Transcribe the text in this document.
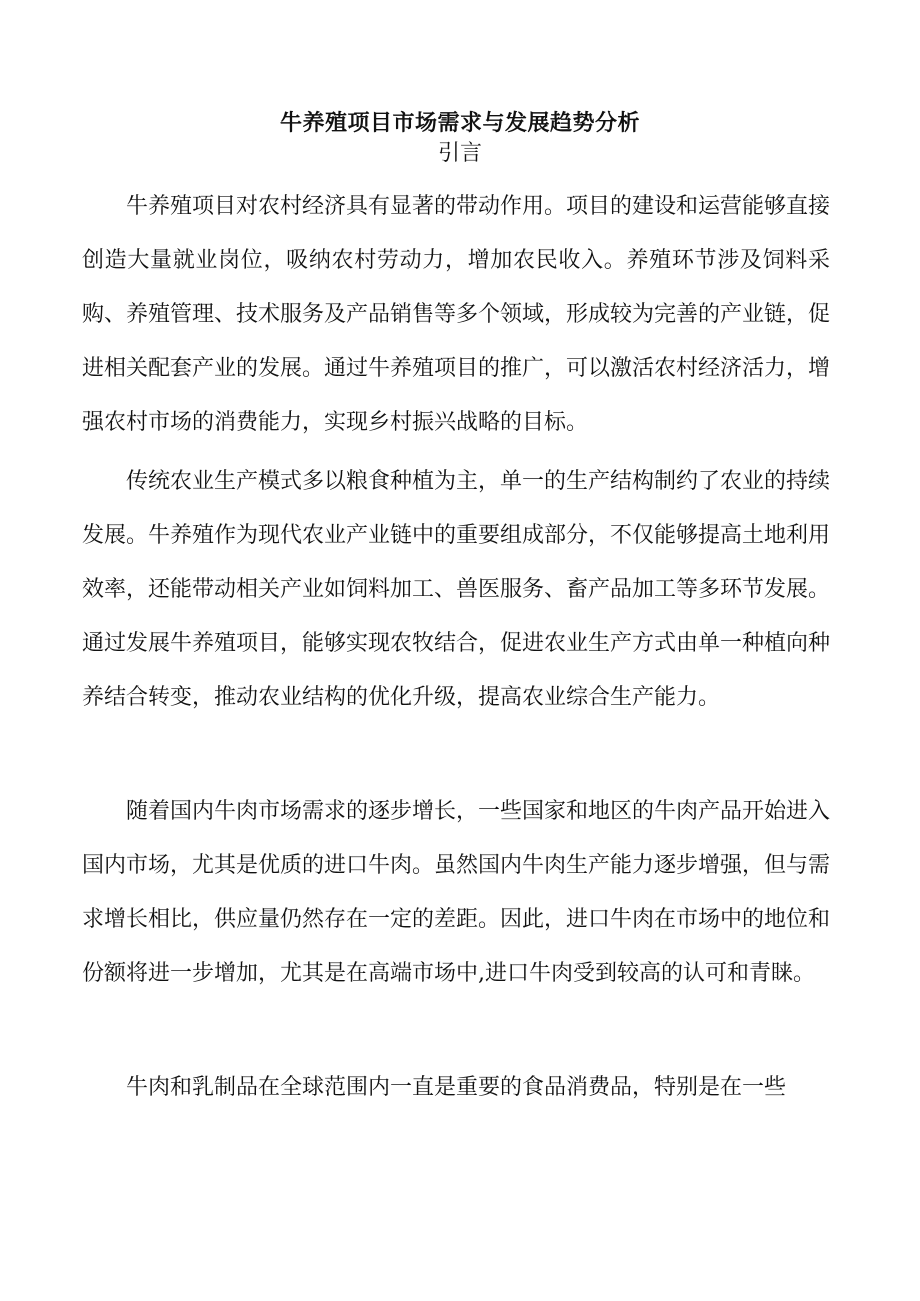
牛养殖项目市场需求与发展趋势分析
引言

牛养殖项目对农村经济具有显著的带动作用。项目的建设和运营能够直接创造大量就业岗位，吸纳农村劳动力，增加农民收入。养殖环节涉及饲料采购、养殖管理、技术服务及产品销售等多个领域，形成较为完善的产业链，促进相关配套产业的发展。通过牛养殖项目的推广，可以激活农村经济活力，增强农村市场的消费能力，实现乡村振兴战略的目标。

传统农业生产模式多以粮食种植为主，单一的生产结构制约了农业的持续发展。牛养殖作为现代农业产业链中的重要组成部分，不仅能够提高土地利用效率，还能带动相关产业如饲料加工、兽医服务、畜产品加工等多环节发展。通过发展牛养殖项目，能够实现农牧结合，促进农业生产方式由单一种植向种养结合转变，推动农业结构的优化升级，提高农业综合生产能力。

随着国内牛肉市场需求的逐步增长，一些国家和地区的牛肉产品开始进入国内市场，尤其是优质的进口牛肉。虽然国内牛肉生产能力逐步增强，但与需求增长相比，供应量仍然存在一定的差距。因此，进口牛肉在市场中的地位和份额将进一步增加，尤其是在高端市场中,进口牛肉受到较高的认可和青睐。

牛肉和乳制品在全球范围内一直是重要的食品消费品，特别是在一些
